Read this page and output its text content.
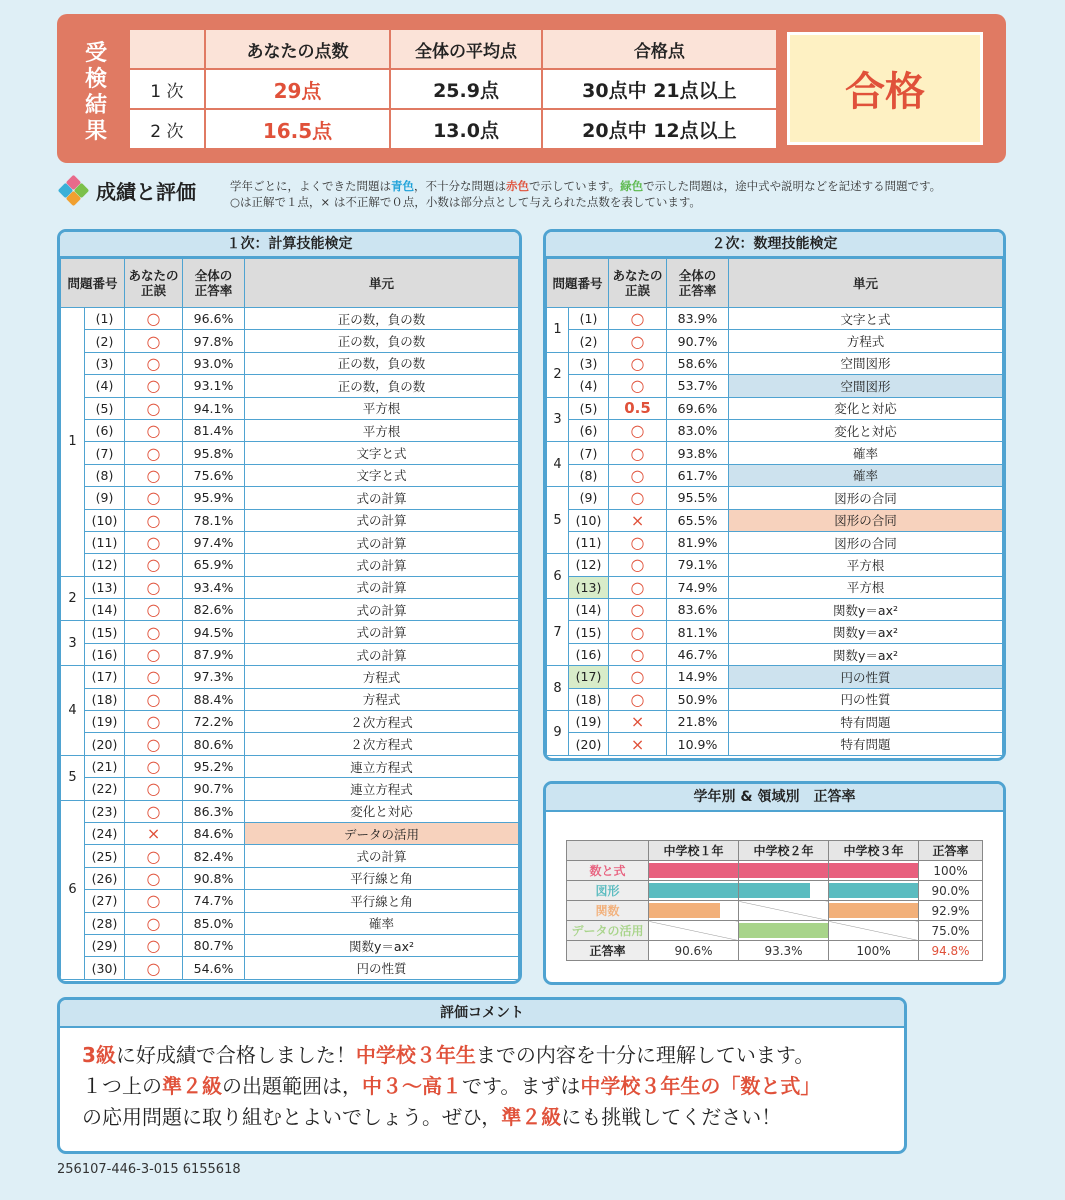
受
検
結
果
	あなたの点数	全体の平均点	合格点
1 次	29点	25.9点	30点中 21点以上
2 次	16.5点	13.0点	20点中 12点以上
合格
成績と評価	学年ごとに，よくできた問題は青色，不十分な問題は赤色で示しています。緑色で示した問題は，途中式や説明などを記述する問題です。
○は正解で１点，× は不正解で０点，小数は部分点として与えられた点数を表しています。
１次：計算技能検定
問題番号		あなたの
正誤	全体の
正答率	単元
1	(1)	○	96.6%	正の数，負の数
	(2)	○	97.8%	正の数，負の数
	(3)	○	93.0%	正の数，負の数
	(4)	○	93.1%	正の数，負の数
	(5)	○	94.1%	平方根
	(6)	○	81.4%	平方根
	(7)	○	95.8%	文字と式
	(8)	○	75.6%	文字と式
	(9)	○	95.9%	式の計算
	(10)	○	78.1%	式の計算
	(11)	○	97.4%	式の計算
	(12)	○	65.9%	式の計算
2	(13)	○	93.4%	式の計算
	(14)	○	82.6%	式の計算
3	(15)	○	94.5%	式の計算
	(16)	○	87.9%	式の計算
4	(17)	○	97.3%	方程式
	(18)	○	88.4%	方程式
	(19)	○	72.2%	２次方程式
	(20)	○	80.6%	２次方程式
5	(21)	○	95.2%	連立方程式
	(22)	○	90.7%	連立方程式
6	(23)	○	86.3%	変化と対応
	(24)	×	84.6%	データの活用
	(25)	○	82.4%	式の計算
	(26)	○	90.8%	平行線と角
	(27)	○	74.7%	平行線と角
	(28)	○	85.0%	確率
	(29)	○	80.7%	関数y＝ax²
	(30)	○	54.6%	円の性質
２次：数理技能検定
問題番号		あなたの
正誤	全体の
正答率	単元
1	(1)	○	83.9%	文字と式
	(2)	○	90.7%	方程式
2	(3)	○	58.6%	空間図形
	(4)	○	53.7%	空間図形
3	(5)	0.5	69.6%	変化と対応
	(6)	○	83.0%	変化と対応
4	(7)	○	93.8%	確率
	(8)	○	61.7%	確率
5	(9)	○	95.5%	図形の合同
	(10)	×	65.5%	図形の合同
	(11)	○	81.9%	図形の合同
6	(12)	○	79.1%	平方根
	(13)	○	74.9%	平方根
7	(14)	○	83.6%	関数y＝ax²
	(15)	○	81.1%	関数y＝ax²
	(16)	○	46.7%	関数y＝ax²
8	(17)	○	14.9%	円の性質
	(18)	○	50.9%	円の性質
9	(19)	×	21.8%	特有問題
	(20)	×	10.9%	特有問題
学年別 & 領域別　正答率
	中学校１年	中学校２年	中学校３年	正答率
数と式				100%
図形				90.0%
関数				92.9%
データの活用				75.0%
正答率	90.6%	93.3%	100%	94.8%
評価コメント
3級に好成績で合格しました！中学校３年生までの内容を十分に理解しています。
１つ上の準２級の出題範囲は，中３～高１です。まずは中学校３年生の「数と式」
の応用問題に取り組むとよいでしょう。ぜひ，準２級にも挑戦してください！
256107-446-3-015 6155618
